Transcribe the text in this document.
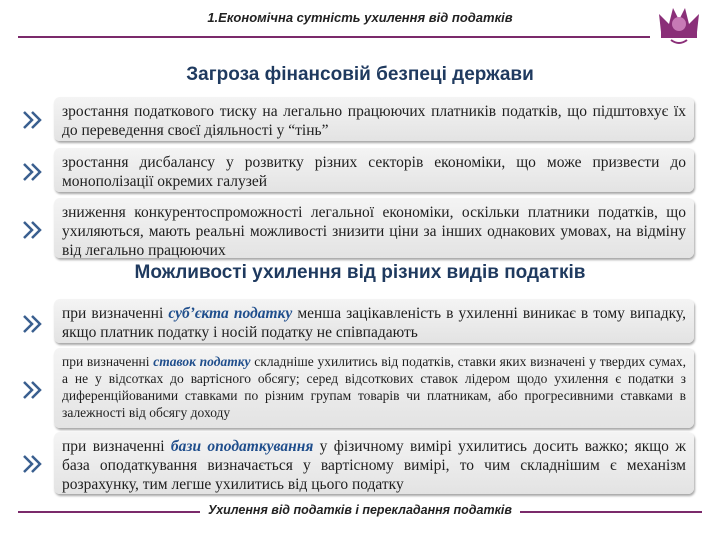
1.Економічна сутність ухилення від податків
Загроза фінансовій безпеці держави
зростання податкового тиску на легально працюючих платників податків, що підштовхує їх до переведення своєї діяльності у “тінь”
зростання дисбалансу у розвитку різних секторів економіки, що може призвести до монополізації окремих галузей
зниження конкурентоспроможності легальної економіки, оскільки платники податків, що ухиляються, мають реальні можливості знизити ціни за інших однакових умовах, на відміну від легально працюючих
Можливості ухилення від різних видів податків
при визначенні суб’єкта податку менша зацікавленість в ухиленні виникає в тому випадку, якщо платник податку і носій податку не співпадають
при визначенні ставок податку складніше ухилитись від податків, ставки яких визначені у твердих сумах, а не у відсотках до вартісного обсягу; серед відсоткових ставок лідером щодо ухилення є податки з диференційованими ставками по різним групам товарів чи платникам, або прогресивними ставками в залежності від обсягу доходу
при визначенні бази оподаткування у фізичному вимірі ухилитись досить важко; якщо ж база оподаткування визначається у вартісному вимірі, то чим складнішим є механізм розрахунку, тим легше ухилитись від цього податку
Ухилення від податків і перекладання податків
